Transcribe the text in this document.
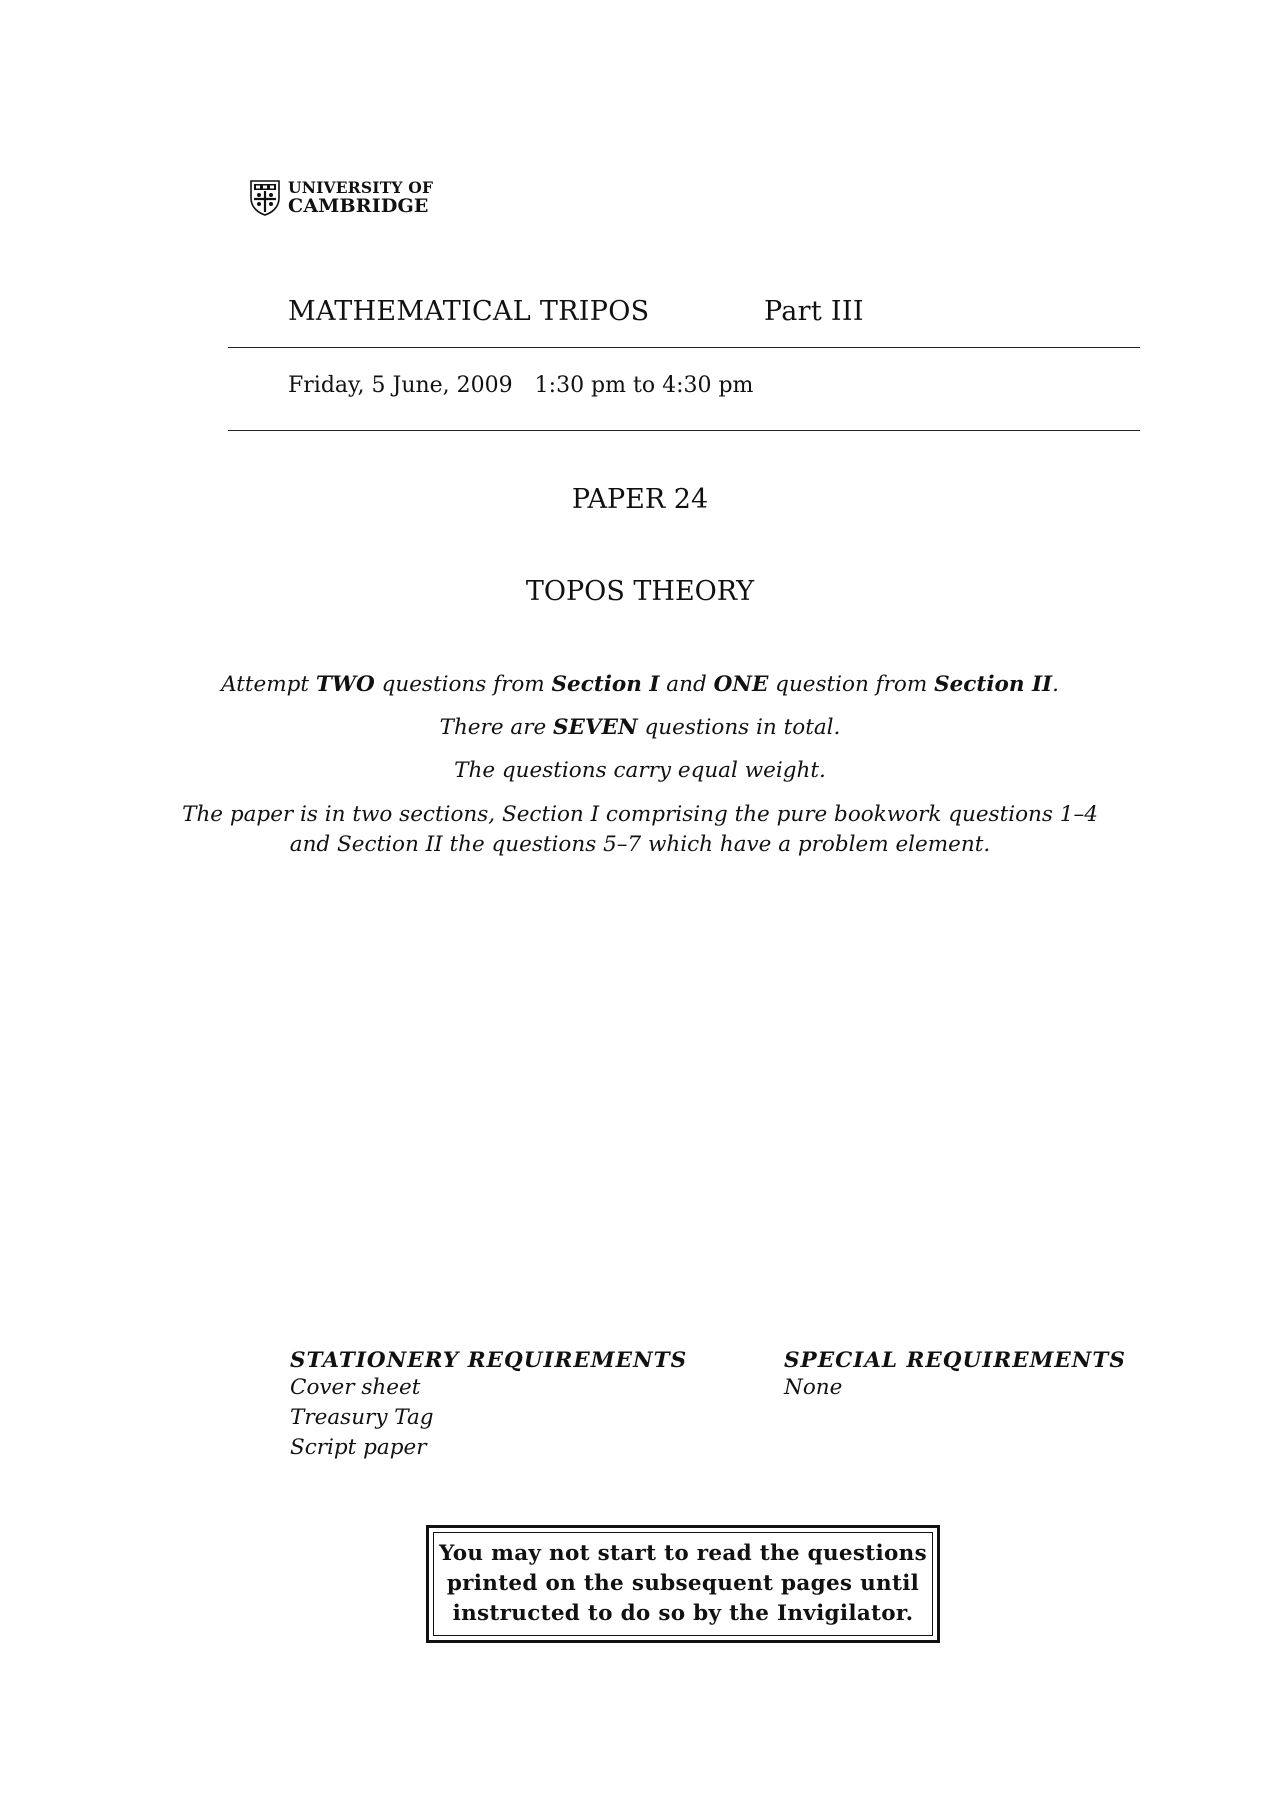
UNIVERSITY OF
CAMBRIDGE
MATHEMATICAL TRIPOS	Part III
Friday, 5 June, 2009 1:30 pm to 4:30 pm
PAPER 24
TOPOS THEORY
Attempt TWO questions from Section I and ONE question from Section II.
There are SEVEN questions in total.
The questions carry equal weight.
The paper is in two sections, Section I comprising the pure bookwork questions 1–4
and Section II the questions 5–7 which have a problem element.
STATIONERY REQUIREMENTS
Cover sheet
Treasury Tag
Script paper
SPECIAL REQUIREMENTS
None
You may not start to read the questions
printed on the subsequent pages until
instructed to do so by the Invigilator.
